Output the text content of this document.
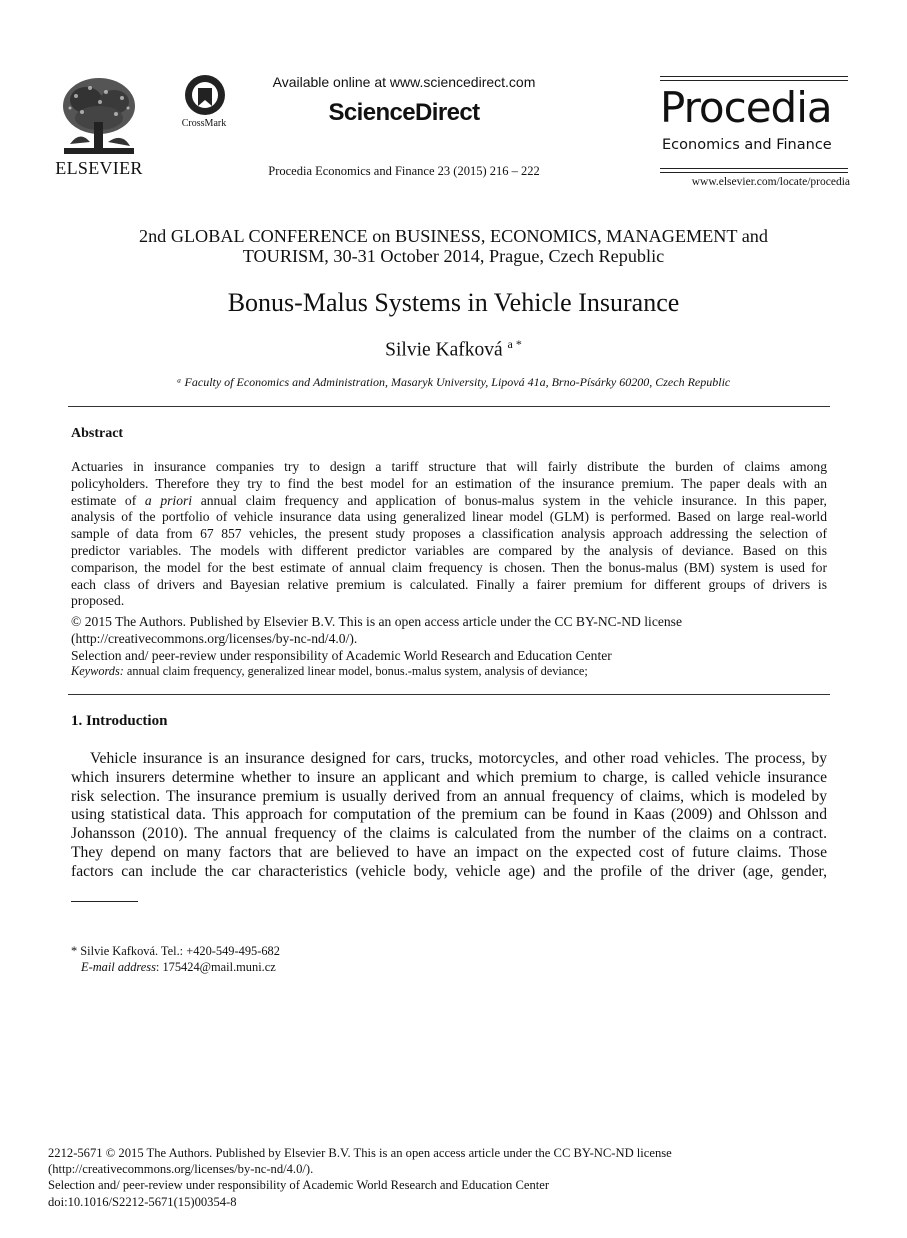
ELSEVIER
CrossMark
Available online at www.sciencedirect.com
ScienceDirect
Procedia Economics and Finance 23 (2015) 216 – 222
Procedia
Economics and Finance
www.elsevier.com/locate/procedia
2nd GLOBAL CONFERENCE on BUSINESS, ECONOMICS, MANAGEMENT and
TOURISM, 30-31 October 2014, Prague, Czech Republic
Bonus-Malus Systems in Vehicle Insurance
Silvie Kafková $^{a *}$
ᵃ Faculty of Economics and Administration, Masaryk University, Lipová 41a, Brno-Písárky 60200, Czech Republic
Abstract
Actuaries in insurance companies try to design a tariff structure that will fairly distribute the burden of claims among
policyholders. Therefore they try to find the best model for an estimation of the insurance premium. The paper deals with an
estimate of a priori annual claim frequency and application of bonus-malus system in the vehicle insurance. In this paper,
analysis of the portfolio of vehicle insurance data using generalized linear model (GLM) is performed. Based on large real-world
sample of data from 67 857 vehicles, the present study proposes a classification analysis approach addressing the selection of
predictor variables. The models with different predictor variables are compared by the analysis of deviance. Based on this
comparison, the model for the best estimate of annual claim frequency is chosen. Then the bonus-malus (BM) system is used for
each class of drivers and Bayesian relative premium is calculated. Finally a fairer premium for different groups of drivers is
proposed.
© 2015 The Authors. Published by Elsevier B.V. This is an open access article under the CC BY-NC-ND license
(http://creativecommons.org/licenses/by-nc-nd/4.0/).
Selection and/ peer-review under responsibility of Academic World Research and Education Center
Keywords: annual claim frequency, generalized linear model, bonus.-malus system, analysis of deviance;
1. Introduction
Vehicle insurance is an insurance designed for cars, trucks, motorcycles, and other road vehicles. The process, by
which insurers determine whether to insure an applicant and which premium to charge, is called vehicle insurance
risk selection. The insurance premium is usually derived from an annual frequency of claims, which is modeled by
using statistical data. This approach for computation of the premium can be found in Kaas (2009) and Ohlsson and
Johansson (2010). The annual frequency of the claims is calculated from the number of the claims on a contract.
They depend on many factors that are believed to have an impact on the expected cost of future claims. Those
factors can include the car characteristics (vehicle body, vehicle age) and the profile of the driver (age, gender,
* Silvie Kafková. Tel.: +420-549-495-682
E-mail address: 175424@mail.muni.cz
2212-5671 © 2015 The Authors. Published by Elsevier B.V. This is an open access article under the CC BY-NC-ND license
(http://creativecommons.org/licenses/by-nc-nd/4.0/).
Selection and/ peer-review under responsibility of Academic World Research and Education Center
doi:10.1016/S2212-5671(15)00354-8
